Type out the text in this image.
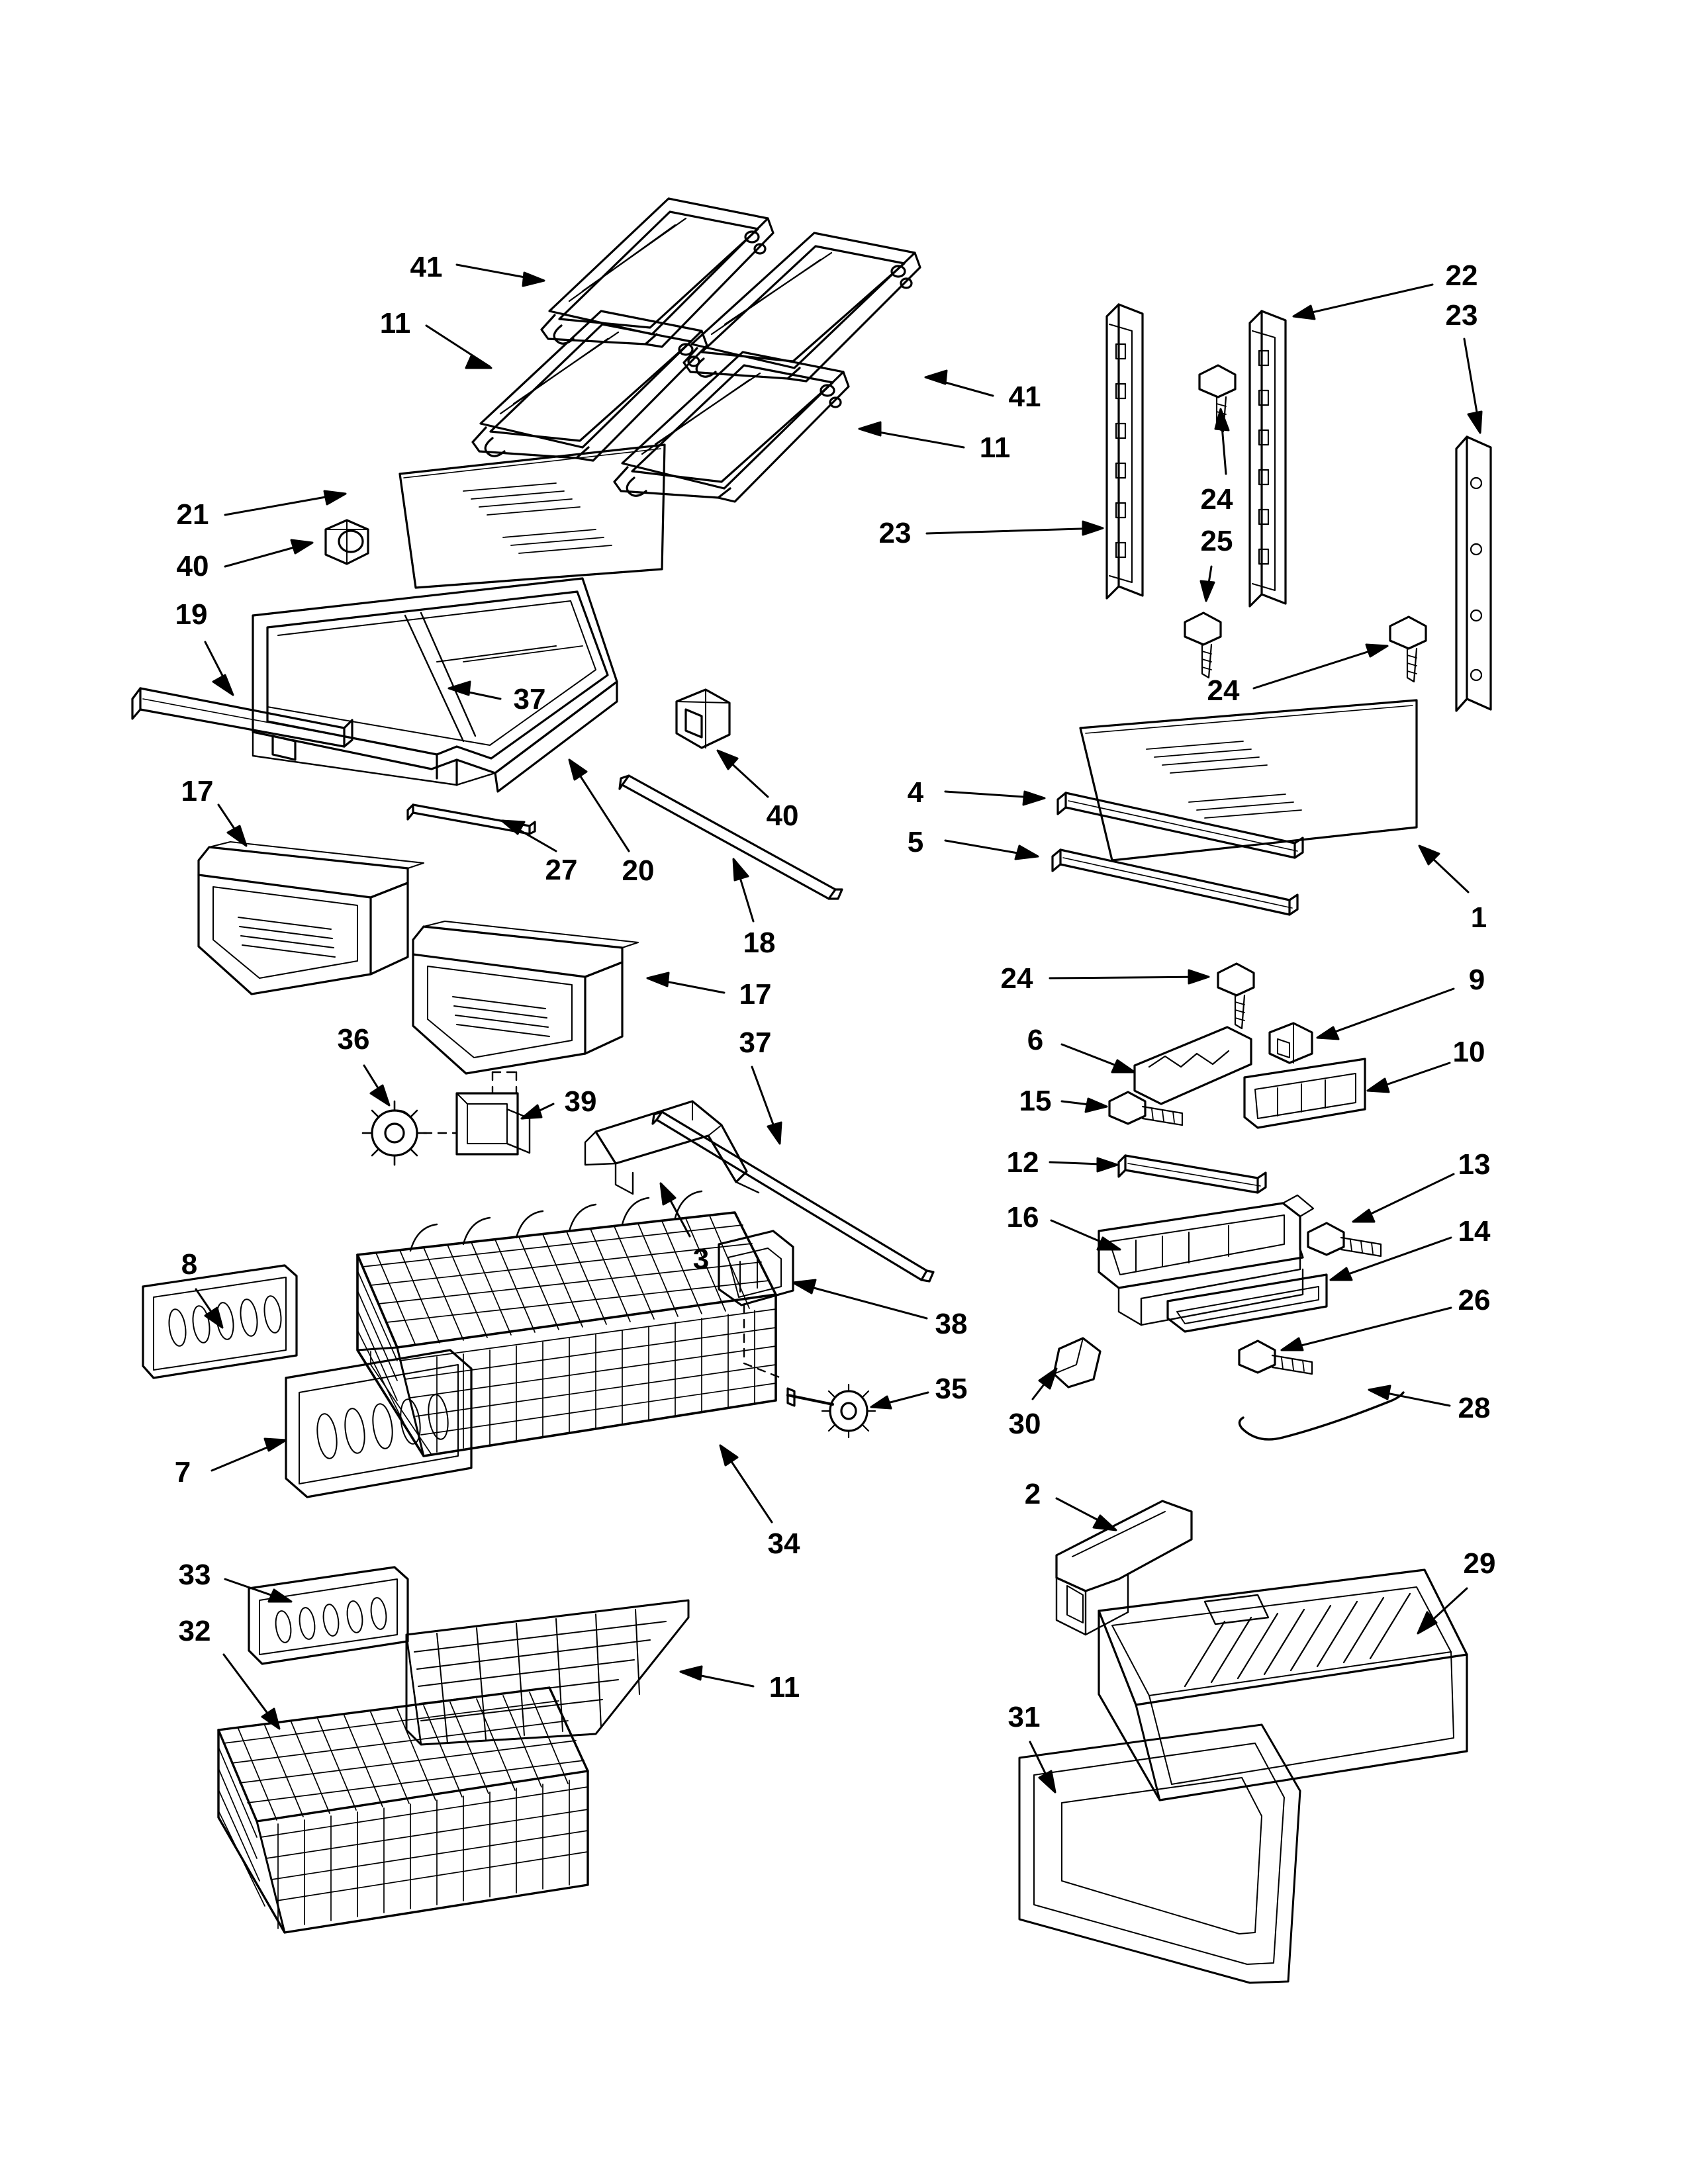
41
11
41
11
21
40
19
23
22
23
24
25
24
17
37
27 20
40
18
17
37
36
39
3
8
7
38
35
34
33
32
11
4
5
1
24
6
15
12
16
9
10
13
14
26
28
30
2
31
29
